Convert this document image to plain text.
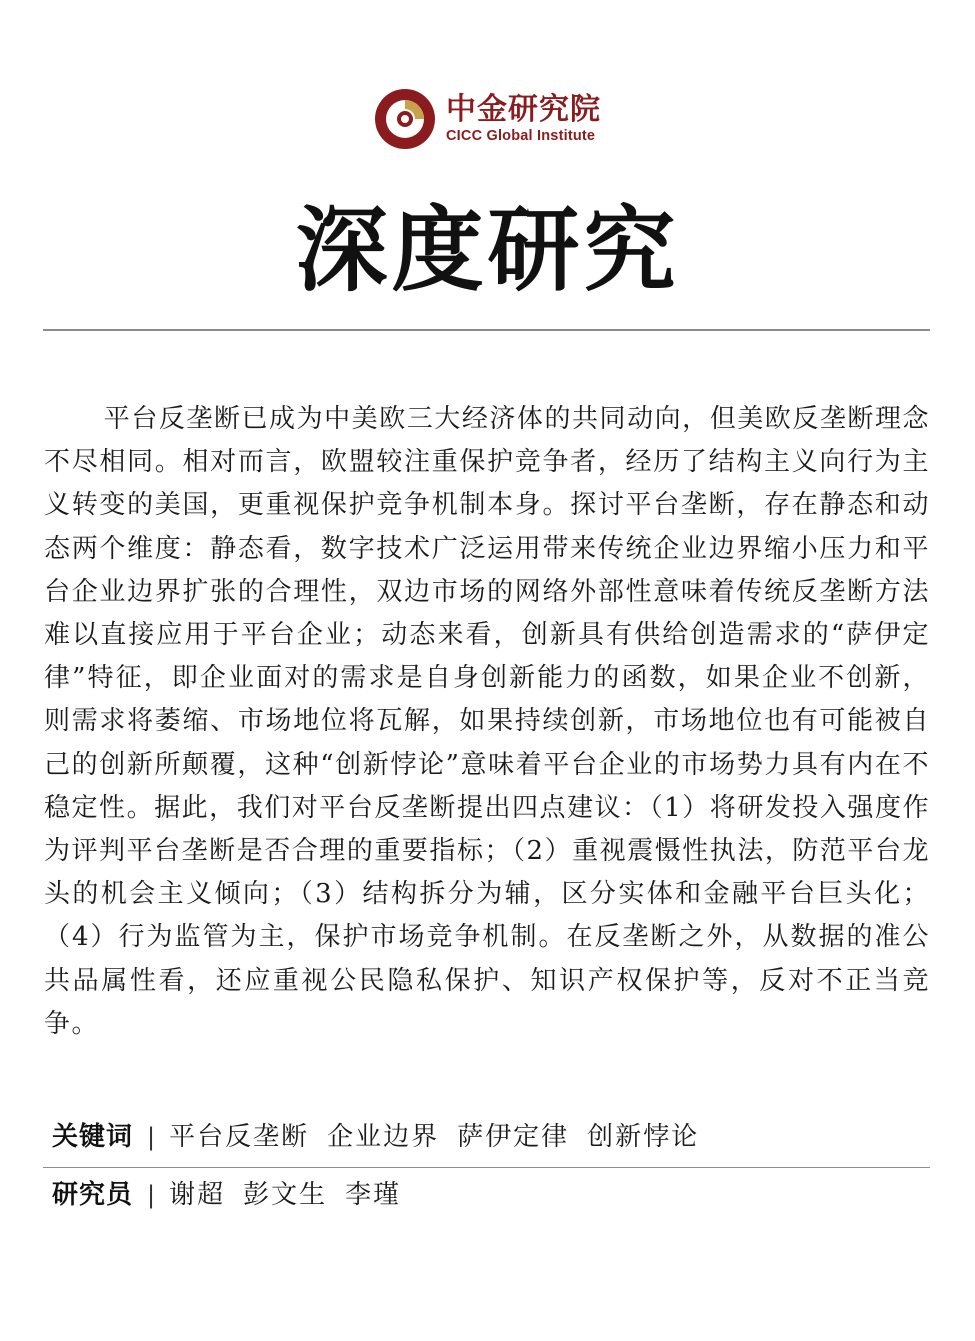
中金研究院
CICC Global Institute
深度研究

平台反垄断已成为中美欧三大经济体的共同动向，但美欧反垄断理念不尽相同。相对而言，欧盟较注重保护竞争者，经历了结构主义向行为主义转变的美国，更重视保护竞争机制本身。探讨平台垄断，存在静态和动态两个维度：静态看，数字技术广泛运用带来传统企业边界缩小压力和平台企业边界扩张的合理性，双边市场的网络外部性意味着传统反垄断方法难以直接应用于平台企业；动态来看，创新具有供给创造需求的“萨伊定律”特征，即企业面对的需求是自身创新能力的函数，如果企业不创新，则需求将萎缩、市场地位将瓦解，如果持续创新，市场地位也有可能被自己的创新所颠覆，这种“创新悖论”意味着平台企业的市场势力具有内在不稳定性。据此，我们对平台反垄断提出四点建议：（1）将研发投入强度作为评判平台垄断是否合理的重要指标；（2）重视震慑性执法，防范平台龙头的机会主义倾向；（3）结构拆分为辅，区分实体和金融平台巨头化；（4）行为监管为主，保护市场竞争机制。在反垄断之外，从数据的准公共品属性看，还应重视公民隐私保护、知识产权保护等，反对不正当竞争。

关键词 | 平台反垄断 企业边界 萨伊定律 创新悖论
研究员 | 谢超 彭文生 李瑾
